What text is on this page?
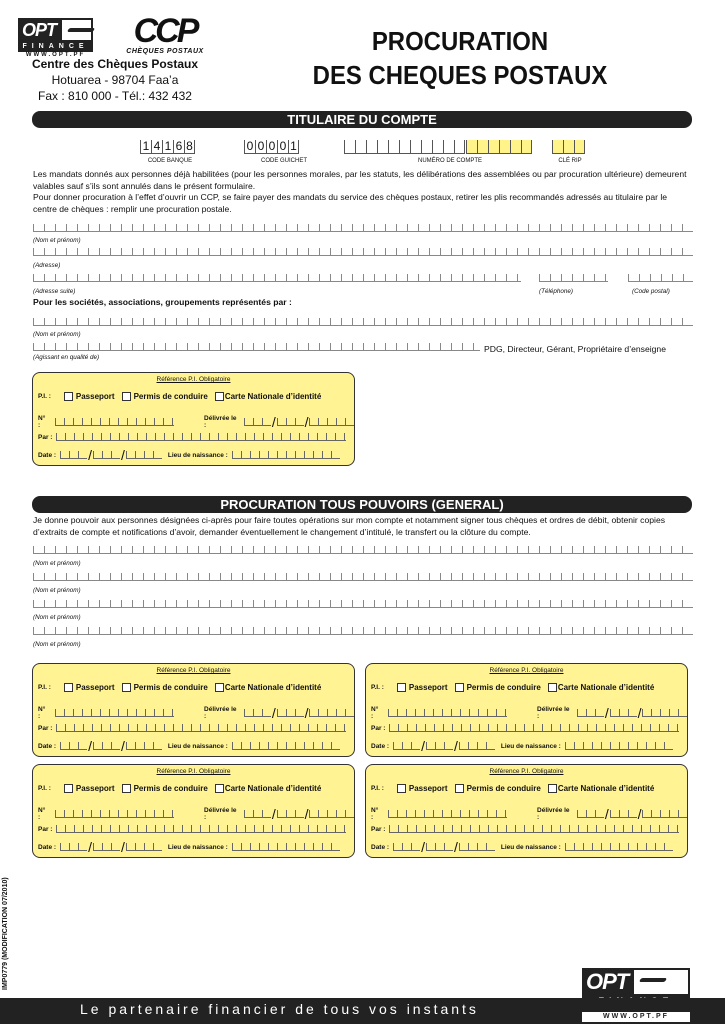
OPT
FINANCE
WWW.OPT.PF
CCP
CHÈQUES POSTAUX
Centre des Chèques Postaux
Hotuarea - 98704 Faa’a
Fax : 810 000 - Tél.: 432 432
PROCURATION
DES CHEQUES POSTAUX
TITULAIRE DU COMPTE
1 4 1 6 8	0 0 0 0 1
CODE BANQUE	CODE GUICHET	NUMÉRO DE COMPTE	CLÉ RIP
Les mandats donnés aux personnes déjà habilitées (pour les personnes morales, par les statuts, les délibérations des assemblées ou par procuration ultérieure) demeurent valables sauf s’ils sont annulés dans le présent formulaire.
Pour donner procuration à l’effet d’ouvrir un CCP, se faire payer des mandats du service des chèques postaux, retirer les plis recommandés adressés au titulaire par le centre de chèques : remplir une procuration postale.
(Nom et prénom)
(Adresse)
(Adresse suite)	(Téléphone)	(Code postal)
Pour les sociétés, associations, groupements représentés par :
(Nom et prénom)
PDG, Directeur, Gérant, Propriétaire d’enseigne
(Agissant en qualité de)
Référence P.I. Obligatoire
P.I. :	Passeport Permis de conduire Carte Nationale d’identité
N° :
Délivrée le :	/ /
Par :
Date : / /	Lieu de naissance :
PROCURATION TOUS POUVOIRS (GENERAL)
Je donne pouvoir aux personnes désignées ci-après pour faire toutes opérations sur mon compte et notamment signer tous chèques et ordres de débit, obtenir copies d’extraits de compte et notifications d’avoir, demander éventuellement le changement d’intitulé, le transfert ou la clôture du compte.
(Nom et prénom)
(Nom et prénom)
(Nom et prénom)
(Nom et prénom)
Référence P.I. Obligatoire
P.I. :	Passeport Permis de conduire Carte Nationale d’identité
N° :
Délivrée le :	/ /
Par :
Date : / /	Lieu de naissance :
Référence P.I. Obligatoire
P.I. :	Passeport Permis de conduire Carte Nationale d’identité
N° :
Délivrée le :	/ /
Par :
Date : / /	Lieu de naissance :
Référence P.I. Obligatoire
P.I. :	Passeport Permis de conduire Carte Nationale d’identité
N° :
Délivrée le :	/ /
Par :
Date : / /	Lieu de naissance :
Référence P.I. Obligatoire
P.I. :	Passeport Permis de conduire Carte Nationale d’identité
N° :
Délivrée le :	/ /
Par :
Date : / /	Lieu de naissance :
IMP0779 (MODIFICATION 07/2010)	OPT
Le partenaire financier de tous vos instants	WWW.OPT.PF
